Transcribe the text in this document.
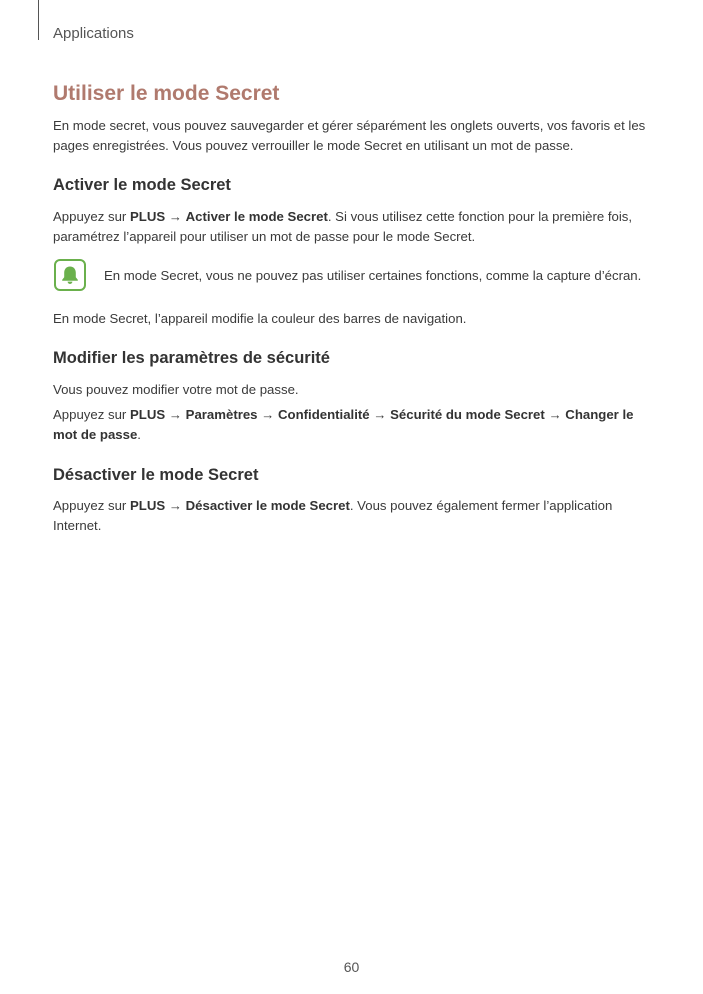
Applications
Utiliser le mode Secret

En mode secret, vous pouvez sauvegarder et gérer séparément les onglets ouverts, vos favoris et les pages enregistrées. Vous pouvez verrouiller le mode Secret en utilisant un mot de passe.

Activer le mode Secret

Appuyez sur PLUS → Activer le mode Secret. Si vous utilisez cette fonction pour la première fois, paramétrez l’appareil pour utiliser un mot de passe pour le mode Secret.

En mode Secret, vous ne pouvez pas utiliser certaines fonctions, comme la capture d’écran.

En mode Secret, l’appareil modifie la couleur des barres de navigation.

Modifier les paramètres de sécurité

Vous pouvez modifier votre mot de passe.

Appuyez sur PLUS → Paramètres → Confidentialité → Sécurité du mode Secret → Changer le mot de passe.

Désactiver le mode Secret

Appuyez sur PLUS → Désactiver le mode Secret. Vous pouvez également fermer l’application Internet.

60
